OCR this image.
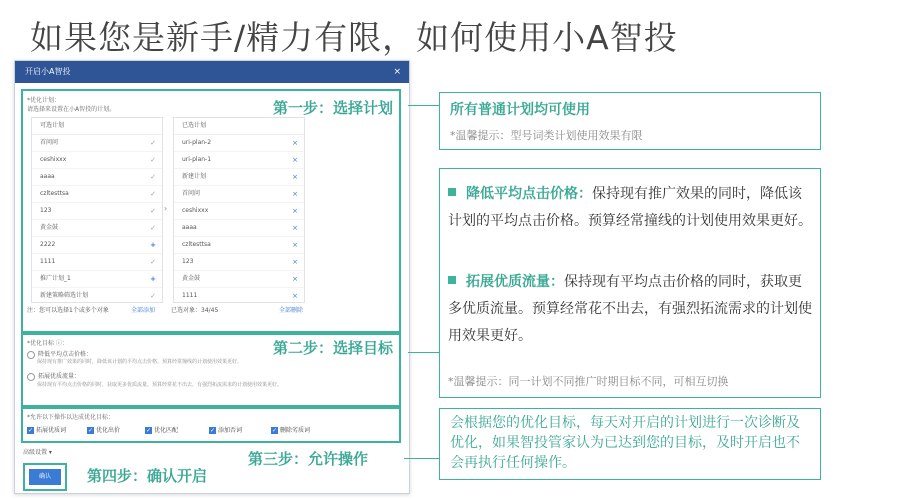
如果您是新手/精力有限，如何使用小A智投
开启小A智投	×
*优化计划：
请选择来设置在小A智投的计划。	第一步：选择计划
可选计划
首问问	✓
ceshixxx	✓
aaaa	✓
czltesttsa	✓
123	✓
黄金鼓	✓
2222	+
1111	✓
推广计划_1	+
新建策略筛选计划	✓
›
已选计划
uri-plan-2	×
uri-plan-1	×
新建计划	×
首问问	×
ceshixxx	×
aaaa	×
czltesttsa	×
123	×
黄金鼓	×
1111	×
注：您可以选择1个或多个对象	全部添加	已选对象：34/45	全部删除
*优化目标 ⓘ：	第二步：选择目标
降低平均点击价格：
保持现有推广效果的同时，降低该计划的平均点击价格。预算经常撞线的计划使用效果更好。
拓展优质流量：
保持现有平均点击价格的同时，获取更多优质流量。预算经常花不出去，有强烈拓流需求的计划使用效果更好。
*允许以下操作以达成优化目标：
✓ 拓展优质词	✓ 优化出价	✓ 优化匹配	✓ 添加否词	✓ 删除劣质词
高级设置 ▾
确认	第四步：确认开启
第三步：允许操作
所有普通计划均可使用
*温馨提示：型号词类计划使用效果有限
降低平均点击价格：保持现有推广效果的同时，降低该计划的平均点击价格。预算经常撞线的计划使用效果更好。
拓展优质流量：保持现有平均点击价格的同时，获取更多优质流量。预算经常花不出去，有强烈拓流需求的计划使用效果更好。
*温馨提示：同一计划不同推广时期目标不同，可相互切换
会根据您的优化目标，每天对开启的计划进行一次诊断及优化，如果智投管家认为已达到您的目标，及时开启也不会再执行任何操作。
